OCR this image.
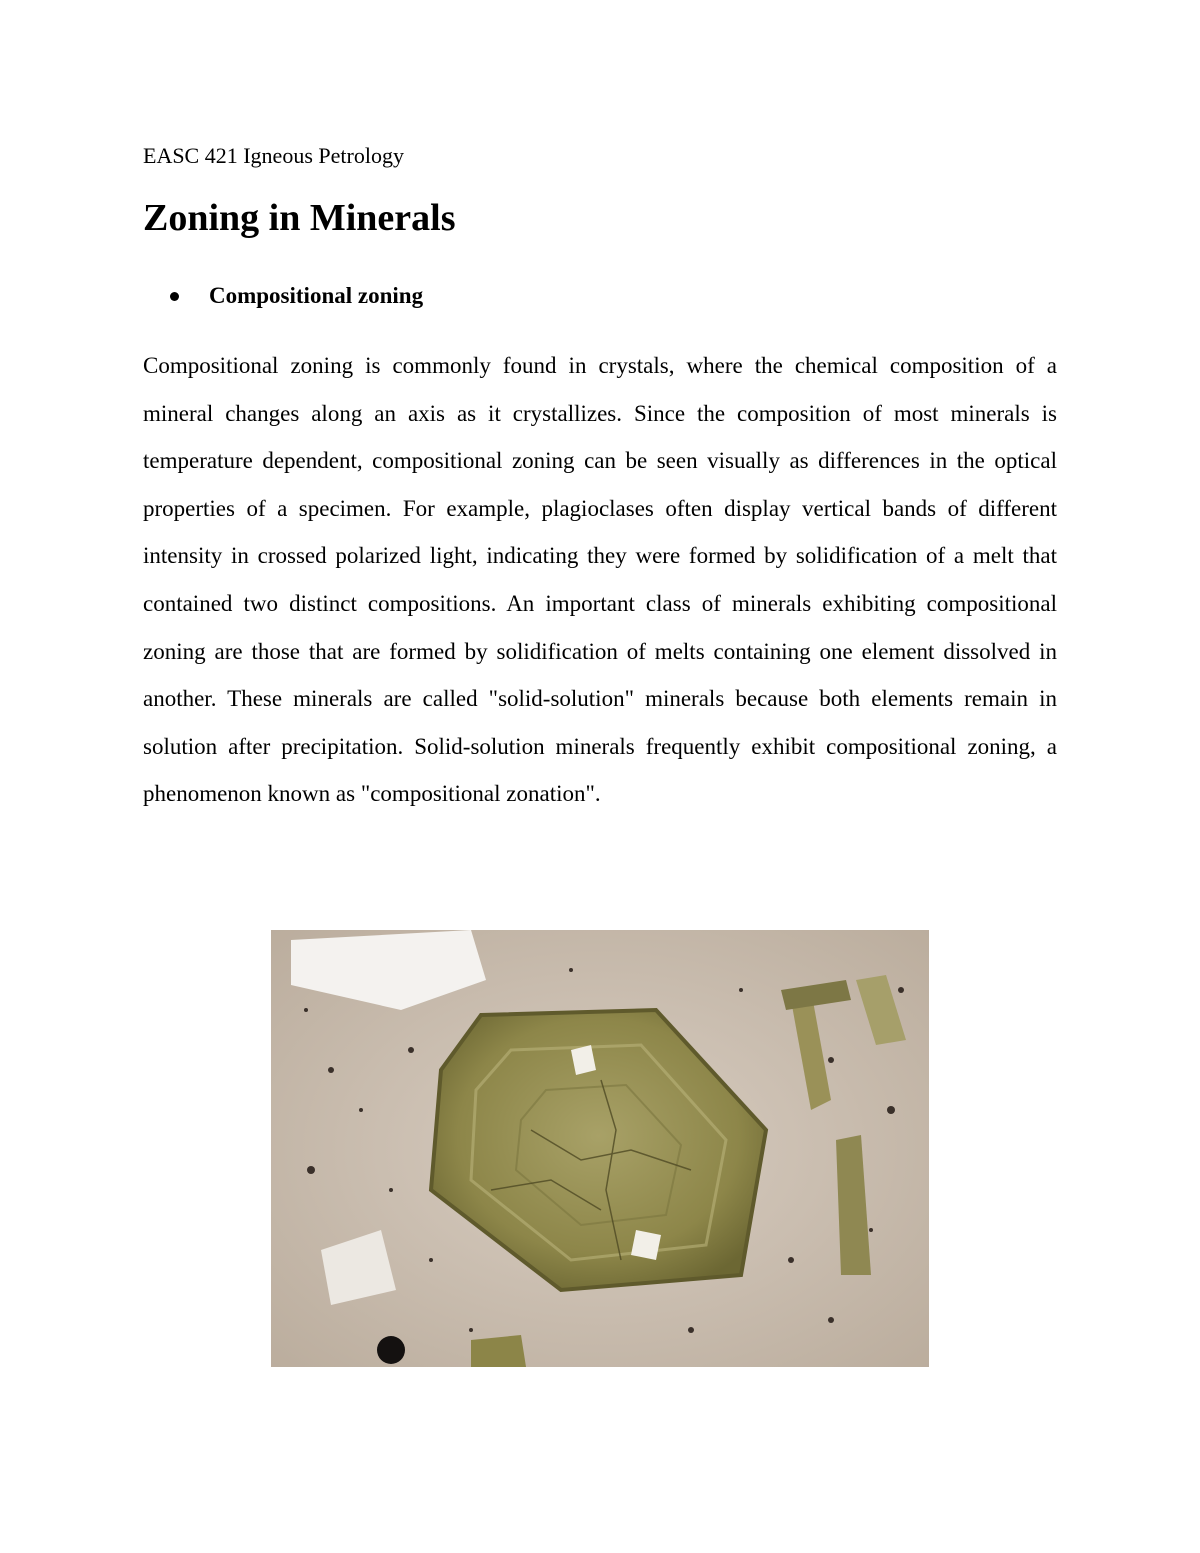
EASC 421 Igneous Petrology
Zoning in Minerals
Compositional zoning

Compositional zoning is commonly found in crystals, where the chemical composition of a mineral changes along an axis as it crystallizes. Since the composition of most minerals is temperature dependent, compositional zoning can be seen visually as differences in the optical properties of a specimen. For example, plagioclases often display vertical bands of different intensity in crossed polarized light, indicating they were formed by solidification of a melt that contained two distinct compositions. An important class of minerals exhibiting compositional zoning are those that are formed by solidification of melts containing one element dissolved in another. These minerals are called "solid-solution" minerals because both elements remain in solution after precipitation. Solid-solution minerals frequently exhibit compositional zoning, a phenomenon known as "compositional zonation".
